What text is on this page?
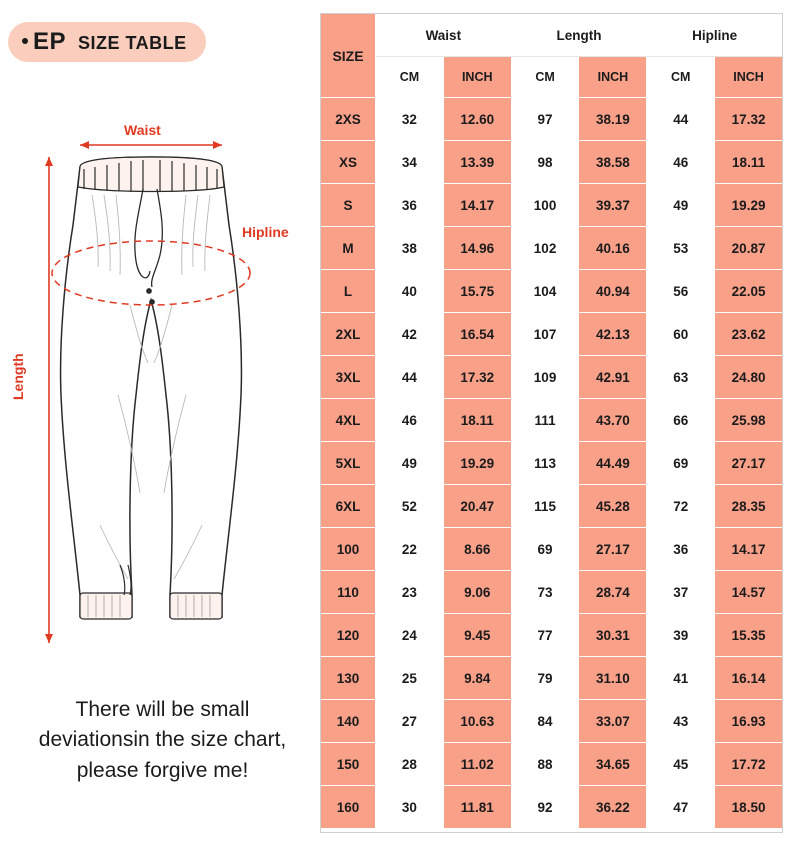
EP SIZE TABLE
Waist
Hipline
Length
There will be small deviationsin the size chart, please forgive me!
SIZE	Waist		Length		Hipline	
	CM	INCH	CM	INCH	CM	INCH
2XS	32	12.60	97	38.19	44	17.32
XS	34	13.39	98	38.58	46	18.11
S	36	14.17	100	39.37	49	19.29
M	38	14.96	102	40.16	53	20.87
L	40	15.75	104	40.94	56	22.05
2XL	42	16.54	107	42.13	60	23.62
3XL	44	17.32	109	42.91	63	24.80
4XL	46	18.11	111	43.70	66	25.98
5XL	49	19.29	113	44.49	69	27.17
6XL	52	20.47	115	45.28	72	28.35
100	22	8.66	69	27.17	36	14.17
110	23	9.06	73	28.74	37	14.57
120	24	9.45	77	30.31	39	15.35
130	25	9.84	79	31.10	41	16.14
140	27	10.63	84	33.07	43	16.93
150	28	11.02	88	34.65	45	17.72
160	30	11.81	92	36.22	47	18.50
